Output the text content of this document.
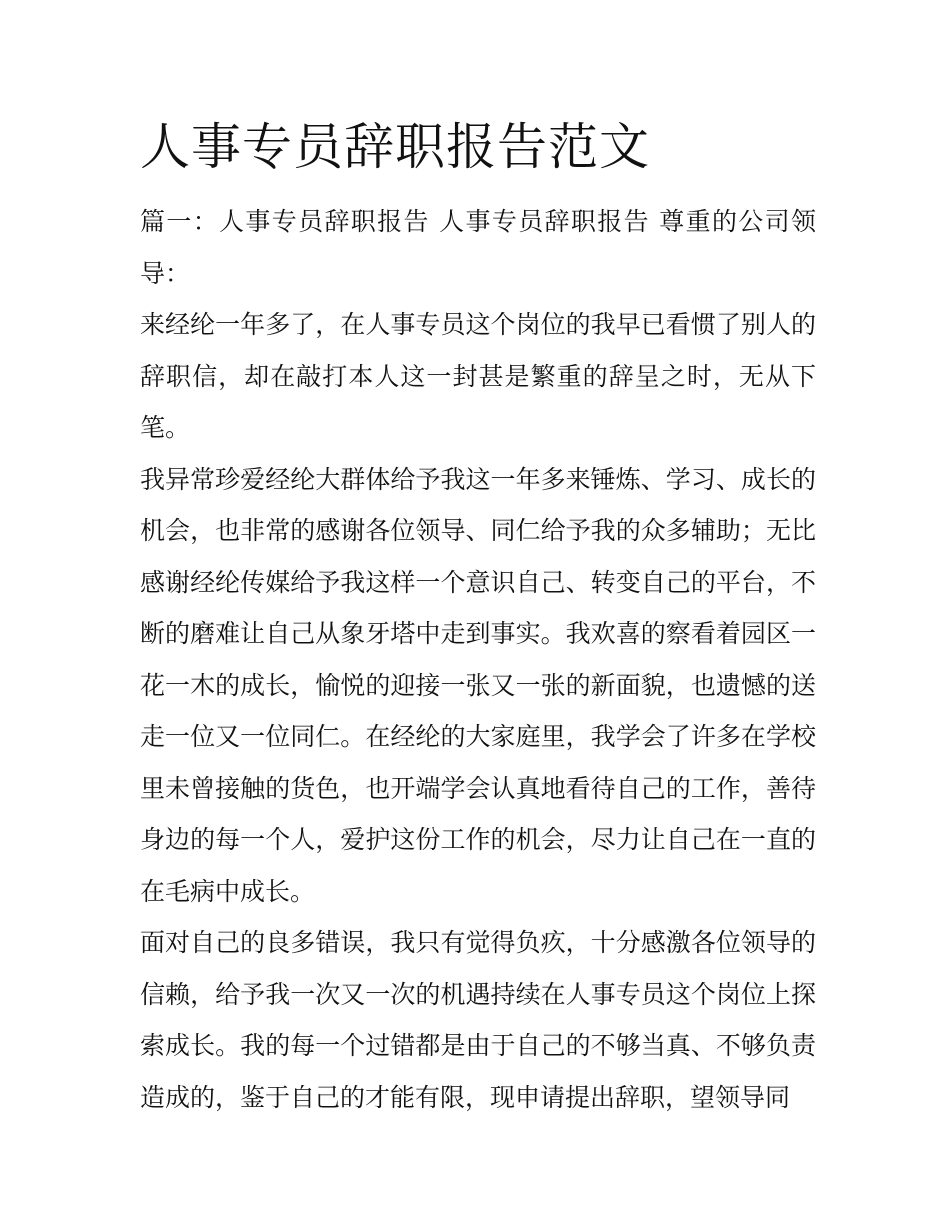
人事专员辞职报告范文

篇一：人事专员辞职报告 人事专员辞职报告 尊重的公司领导：

来经纶一年多了，在人事专员这个岗位的我早已看惯了别人的辞职信，却在敲打本人这一封甚是繁重的辞呈之时，无从下笔。

我异常珍爱经纶大群体给予我这一年多来锤炼、学习、成长的机会，也非常的感谢各位领导、同仁给予我的众多辅助；无比感谢经纶传媒给予我这样一个意识自己、转变自己的平台，不断的磨难让自己从象牙塔中走到事实。我欢喜的察看着园区一花一木的成长，愉悦的迎接一张又一张的新面貌，也遗憾的送走一位又一位同仁。在经纶的大家庭里，我学会了许多在学校里未曾接触的货色，也开端学会认真地看待自己的工作，善待身边的每一个人，爱护这份工作的机会，尽力让自己在一直的在毛病中成长。

面对自己的良多错误，我只有觉得负疚，十分感激各位领导的信赖，给予我一次又一次的机遇持续在人事专员这个岗位上探索成长。我的每一个过错都是由于自己的不够当真、不够负责造成的，鉴于自己的才能有限，现申请提出辞职，望领导同
